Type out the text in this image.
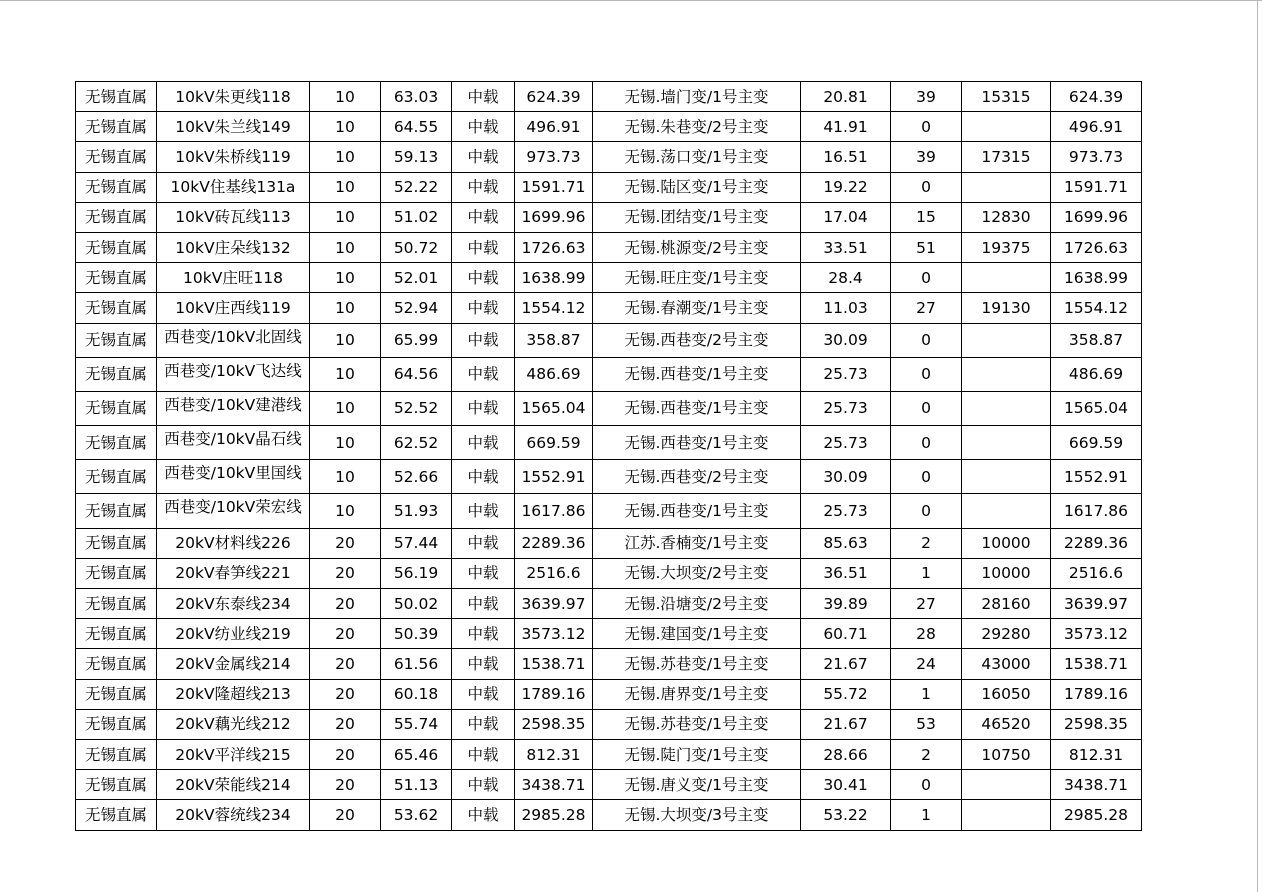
无锡直属	10kV朱更线118	10	63.03	中载	624.39	无锡.墙门变/1号主变	20.81	39	15315	624.39
无锡直属	10kV朱兰线149	10	64.55	中载	496.91	无锡.朱巷变/2号主变	41.91	0		496.91
无锡直属	10kV朱桥线119	10	59.13	中载	973.73	无锡.荡口变/1号主变	16.51	39	17315	973.73
无锡直属	10kV住基线131a	10	52.22	中载	1591.71	无锡.陆区变/1号主变	19.22	0		1591.71
无锡直属	10kV砖瓦线113	10	51.02	中载	1699.96	无锡.团结变/1号主变	17.04	15	12830	1699.96
无锡直属	10kV庄朵线132	10	50.72	中载	1726.63	无锡.桃源变/2号主变	33.51	51	19375	1726.63
无锡直属	10kV庄旺118	10	52.01	中载	1638.99	无锡.旺庄变/1号主变	28.4	0		1638.99
无锡直属	10kV庄西线119	10	52.94	中载	1554.12	无锡.春潮变/1号主变	11.03	27	19130	1554.12
无锡直属	西巷变/10kV北固线	10	65.99	中载	358.87	无锡.西巷变/2号主变	30.09	0		358.87
无锡直属	西巷变/10kV飞达线	10	64.56	中载	486.69	无锡.西巷变/1号主变	25.73	0		486.69
无锡直属	西巷变/10kV建港线	10	52.52	中载	1565.04	无锡.西巷变/1号主变	25.73	0		1565.04
无锡直属	西巷变/10kV晶石线	10	62.52	中载	669.59	无锡.西巷变/1号主变	25.73	0		669.59
无锡直属	西巷变/10kV里国线	10	52.66	中载	1552.91	无锡.西巷变/2号主变	30.09	0		1552.91
无锡直属	西巷变/10kV荣宏线	10	51.93	中载	1617.86	无锡.西巷变/1号主变	25.73	0		1617.86
无锡直属	20kV材料线226	20	57.44	中载	2289.36	江苏.香楠变/1号主变	85.63	2	10000	2289.36
无锡直属	20kV春笋线221	20	56.19	中载	2516.6	无锡.大坝变/2号主变	36.51	1	10000	2516.6
无锡直属	20kV东泰线234	20	50.02	中载	3639.97	无锡.沿塘变/2号主变	39.89	27	28160	3639.97
无锡直属	20kV纺业线219	20	50.39	中载	3573.12	无锡.建国变/1号主变	60.71	28	29280	3573.12
无锡直属	20kV金属线214	20	61.56	中载	1538.71	无锡.苏巷变/1号主变	21.67	24	43000	1538.71
无锡直属	20kV隆超线213	20	60.18	中载	1789.16	无锡.唐界变/1号主变	55.72	1	16050	1789.16
无锡直属	20kV藕光线212	20	55.74	中载	2598.35	无锡.苏巷变/1号主变	21.67	53	46520	2598.35
无锡直属	20kV平洋线215	20	65.46	中载	812.31	无锡.陡门变/1号主变	28.66	2	10750	812.31
无锡直属	20kV荣能线214	20	51.13	中载	3438.71	无锡.唐义变/1号主变	30.41	0		3438.71
无锡直属	20kV蓉统线234	20	53.62	中载	2985.28	无锡.大坝变/3号主变	53.22	1		2985.28
